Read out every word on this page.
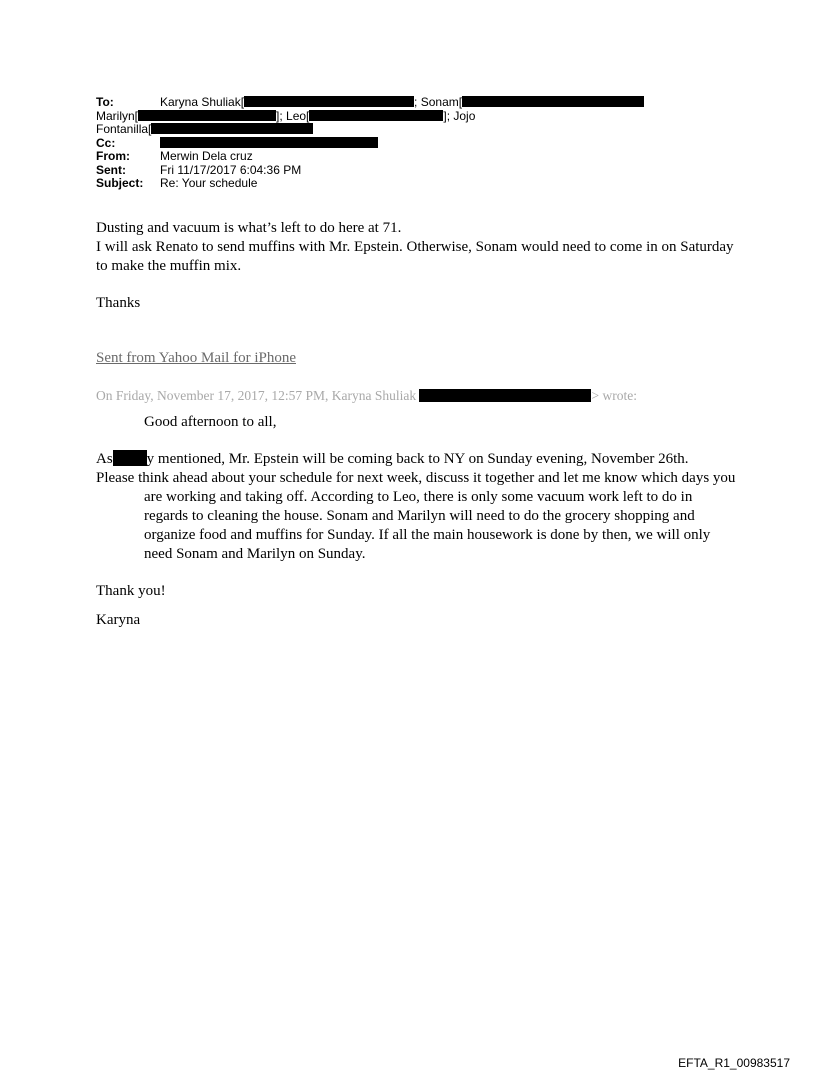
To:	Karyna Shuliak[	; Sonam[
Marilyn[	]; Leo[	]; Jojo
Fontanilla[
Cc:
From:	Merwin Dela cruz
Sent:	Fri 11/17/2017 6:04:36 PM
Subject: Re: Your schedule

Dusting and vacuum is what’s left to do here at 71.

I will ask Renato to send muffins with Mr. Epstein. Otherwise, Sonam would need to come in on Saturday to make the muffin mix.

Thanks

Sent from Yahoo Mail for iPhone

On Friday, November 17, 2017, 12:57 PM, Karyna Shuliak	> wrote:

Good afternoon to all,

As y mentioned, Mr. Epstein will be coming back to NY on Sunday evening, November 26th.

Please think ahead about your schedule for next week, discuss it together and let me know which days you are working and taking off. According to Leo, there is only some vacuum work left to do in regards to cleaning the house. Sonam and Marilyn will need to do the grocery shopping and organize food and muffins for Sunday. If all the main housework is done by then, we will only need Sonam and Marilyn on Sunday.

Thank you!

Karyna

EFTA_R1_00983517
